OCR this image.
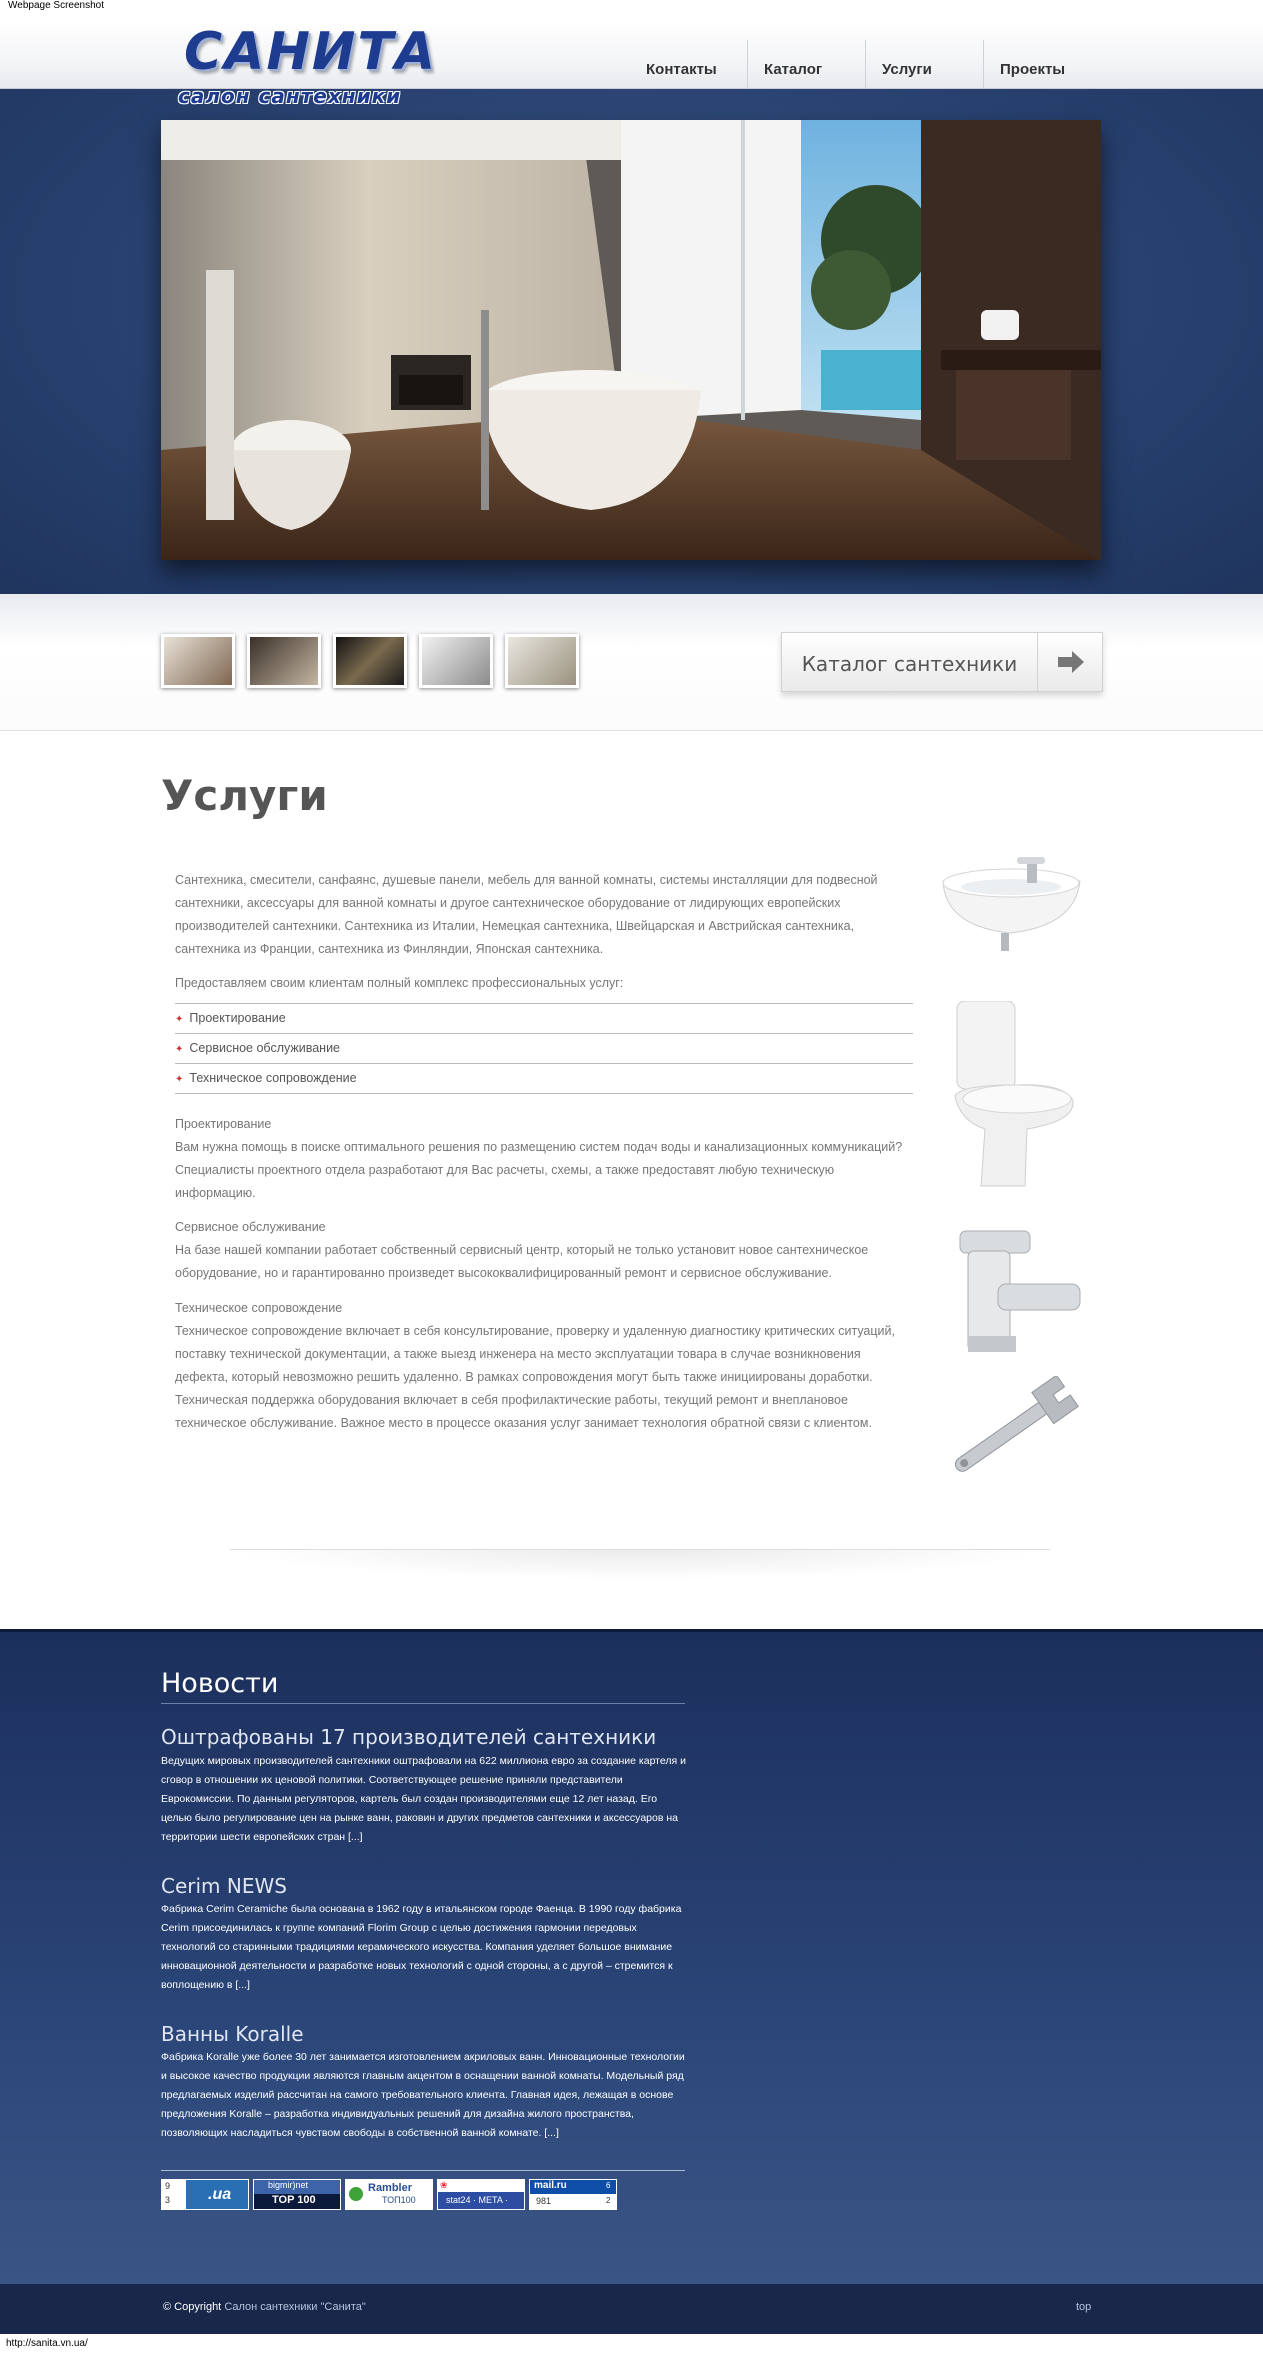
Webpage Screenshot
Контакты	Каталог	Услуги	Проекты
САНИТА
салон сантехники
Каталог сантехники
Услуги
Сантехника, смесители, санфаянс, душевые панели, мебель для ванной комнаты, системы инсталляции для подвесной сантехники, аксессуары для ванной комнаты и другое сантехническое оборудование от лидирующих европейских производителей сантехники. Сантехника из Италии, Немецкая сантехника, Швейцарская и Австрийская сантехника, сантехника из Франции, сантехника из Финляндии, Японская сантехника.
Предоставляем своим клиентам полный комплекс профессиональных услуг:
✦ Проектирование
✦ Сервисное обслуживание
✦ Техническое сопровождение
Проектирование
Вам нужна помощь в поиске оптимального решения по размещению систем подач воды и канализационных коммуникаций? Специалисты проектного отдела разработают для Вас расчеты, схемы, а также предоставят любую техническую информацию.
Сервисное обслуживание
На базе нашей компании работает собственный сервисный центр, который не только установит новое сантехническое оборудование, но и гарантированно произведет высококвалифицированный ремонт и сервисное обслуживание.
Техническое сопровождение
Техническое сопровождение включает в себя консультирование, проверку и удаленную диагностику критических ситуаций, поставку технической документации, а также выезд инженера на место эксплуатации товара в случае возникновения дефекта, который невозможно решить удаленно. В рамках сопровождения могут быть также инициированы доработки. Техническая поддержка оборудования включает в себя профилактические работы, текущий ремонт и внеплановое техническое обслуживание. Важное место в процессе оказания услуг занимает технология обратной связи с клиентом.
Новости
Оштрафованы 17 производителей сантехники
Ведущих мировых производителей сантехники оштрафовали на 622 миллиона евро за создание картеля и сговор в отношении их ценовой политики. Соответствующее решение приняли представители Еврокомиссии. По данным регуляторов, картель был создан производителями еще 12 лет назад. Его целью было регулирование цен на рынке ванн, раковин и других предметов сантехники и аксессуаров на территории шести европейских стран [...]
Cerim NEWS
Фабрика Cerim Ceramiche была основана в 1962 году в итальянском городе Фаенца. В 1990 году фабрика Cerim присоединилась к группе компаний Florim Group с целью достижения гармонии передовых технологий со старинными традициями керамического искусства. Компания уделяет большое внимание инновационной деятельности и разработке новых технологий с одной стороны, а с другой – стремится к воплощению в [...]
Ванны Koralle
Фабрика Koralle уже более 30 лет занимается изготовлением акриловых ванн. Инновационные технологии и высокое качество продукции являются главным акцентом в оснащении ванной комнаты. Модельный ряд предлагаемых изделий рассчитан на самого требовательного клиента. Главная идея, лежащая в основе предложения Koralle – разработка индивидуальных решений для дизайна жилого пространства, позволяющих насладиться чувством свободы в собственной ванной комнате. [...]
9
3 .ua
bigmir)net
TOP 100
Rambler
ТОП100
❀
stat24 · META ·
mail.ru
981
6
2
© Copyright Салон сантехники "Санита"	top
http://sanita.vn.ua/
